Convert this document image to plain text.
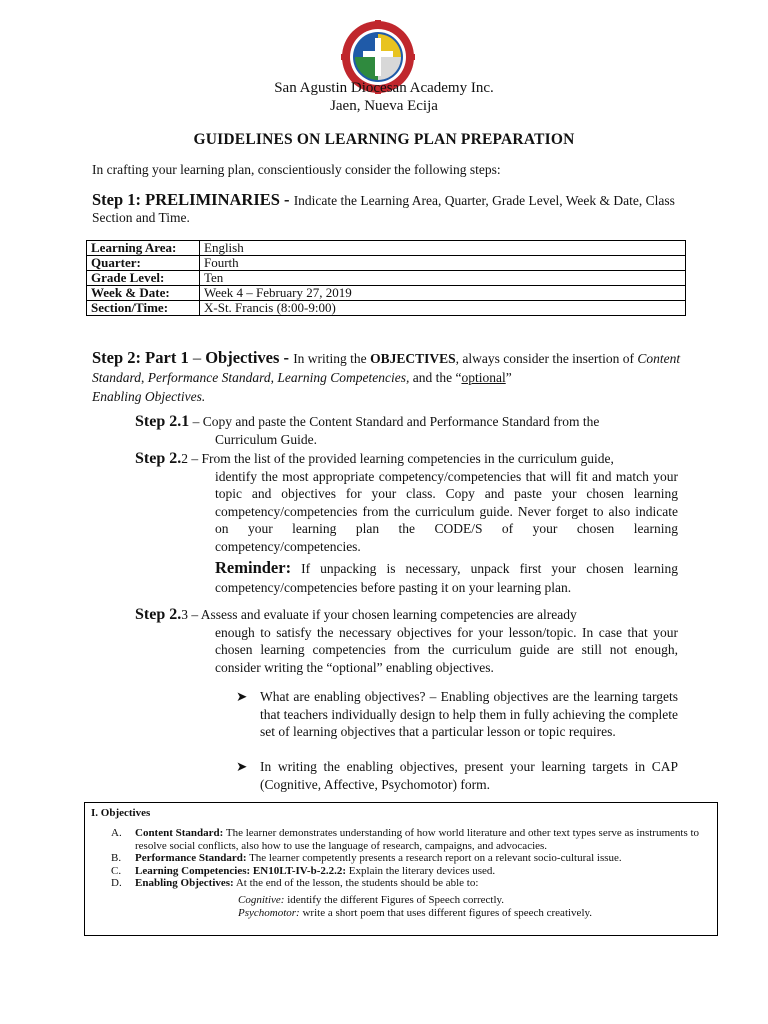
San Agustin Diocesan Academy Inc.
Jaen, Nueva Ecija
GUIDELINES ON LEARNING PLAN PREPARATION
In crafting your learning plan, conscientiously consider the following steps:
Step 1: PRELIMINARIES - Indicate the Learning Area, Quarter, Grade Level, Week & Date, Class Section and Time.
Learning Area:	English
Quarter:	Fourth
Grade Level:	Ten
Week & Date:	Week 4 – February 27, 2019
Section/Time:	X-St. Francis (8:00-9:00)
Step 2: Part 1 – Objectives - In writing the OBJECTIVES, always consider the insertion of Content Standard, Performance Standard, Learning Competencies, and the “optional”
Enabling Objectives.
Step 2.1 – Copy and paste the Content Standard and Performance Standard from the
Curriculum Guide.
Step 2.2 – From the list of the provided learning competencies in the curriculum guide,
identify the most appropriate competency/competencies that will fit and match your topic and objectives for your class. Copy and paste your chosen learning competency/competencies from the curriculum guide. Never forget to also indicate on your learning plan the CODE/S of your chosen learning competency/competencies.
Reminder: If unpacking is necessary, unpack first your chosen learning competency/competencies before pasting it on your learning plan.
Step 2.3 – Assess and evaluate if your chosen learning competencies are already
enough to satisfy the necessary objectives for your lesson/topic. In case that your chosen learning competencies from the curriculum guide are still not enough, consider writing the “optional” enabling objectives.
➤ What are enabling objectives? – Enabling objectives are the learning targets that teachers individually design to help them in fully achieving the complete set of learning objectives that a particular lesson or topic requires.
➤ In writing the enabling objectives, present your learning targets in CAP (Cognitive, Affective, Psychomotor) form.
I. Objectives
A. Content Standard: The learner demonstrates understanding of how world literature and other text types serve as instruments to resolve social conflicts, also how to use the language of research, campaigns, and advocacies.
B. Performance Standard: The learner competently presents a research report on a relevant socio-cultural issue.
C. Learning Competencies: EN10LT-IV-b-2.2.2: Explain the literary devices used.
D. Enabling Objectives: At the end of the lesson, the students should be able to:
Cognitive: identify the different Figures of Speech correctly.
Psychomotor: write a short poem that uses different figures of speech creatively.
